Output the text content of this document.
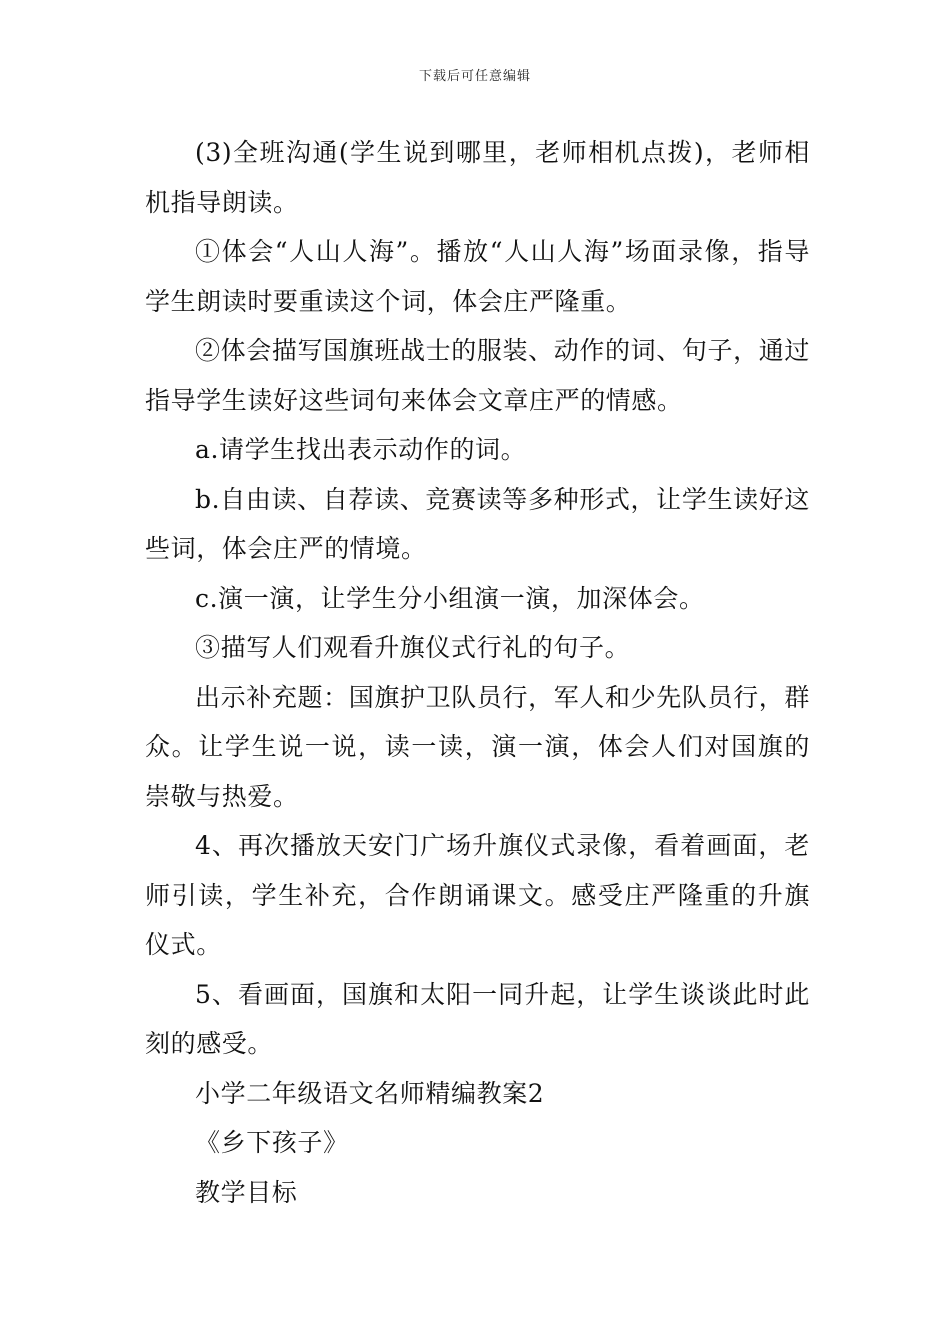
下载后可任意编辑

(3)全班沟通(学生说到哪里，老师相机点拨)，老师相机指导朗读。

①体会“人山人海”。播放“人山人海”场面录像，指导学生朗读时要重读这个词，体会庄严隆重。

②体会描写国旗班战士的服装、动作的词、句子，通过指导学生读好这些词句来体会文章庄严的情感。

a.请学生找出表示动作的词。

b.自由读、自荐读、竞赛读等多种形式，让学生读好这些词，体会庄严的情境。

c.演一演，让学生分小组演一演，加深体会。

③描写人们观看升旗仪式行礼的句子。

出示补充题：国旗护卫队员行，军人和少先队员行，群众。让学生说一说，读一读，演一演，体会人们对国旗的崇敬与热爱。

4、再次播放天安门广场升旗仪式录像，看着画面，老师引读，学生补充，合作朗诵课文。感受庄严隆重的升旗仪式。

5、看画面，国旗和太阳一同升起，让学生谈谈此时此刻的感受。

小学二年级语文名师精编教案2

《乡下孩子》

教学目标
